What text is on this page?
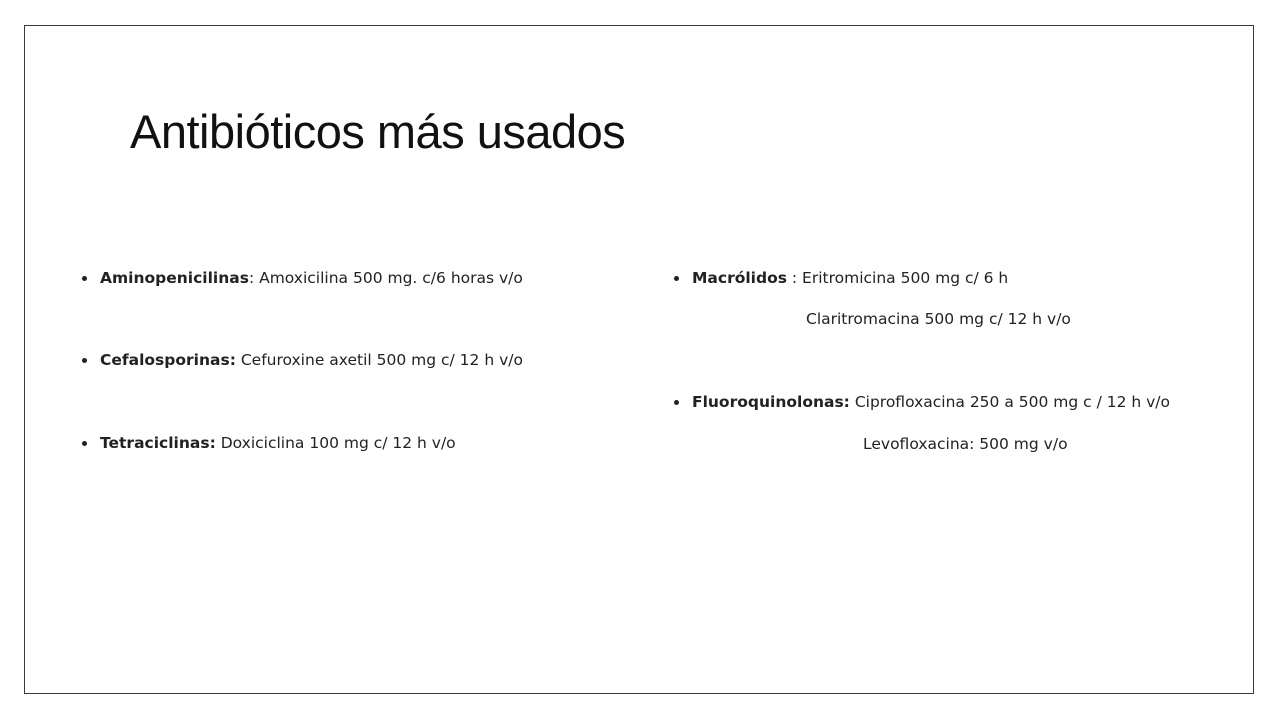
Antibióticos más usados
Aminopenicilinas: Amoxicilina 500 mg. c/6 horas v/o
Cefalosporinas: Cefuroxine axetil 500 mg c/ 12 h v/o
Tetraciclinas: Doxiciclina 100 mg c/ 12 h v/o
Macrólidos : Eritromicina 500 mg c/ 6 h
Claritromacina 500 mg c/ 12 h v/o
Fluoroquinolonas: Ciprofloxacina 250 a 500 mg c / 12 h v/o
Levofloxacina: 500 mg v/o
